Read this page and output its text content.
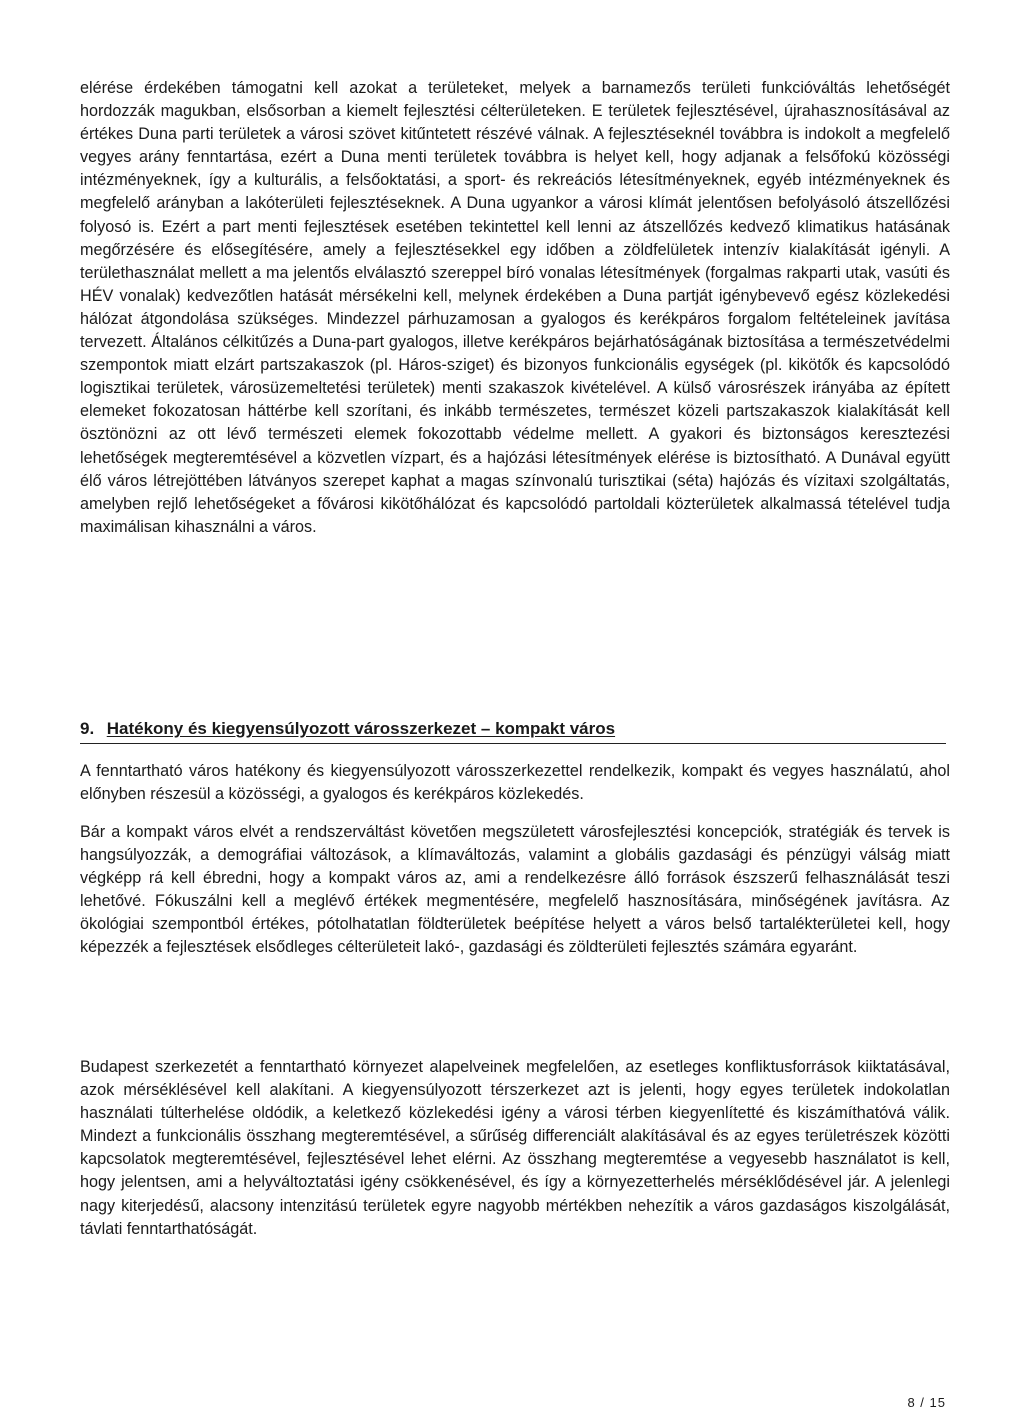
elérése érdekében támogatni kell azokat a területeket, melyek a barnamezős területi funkcióváltás lehetőségét hordozzák magukban, elsősorban a kiemelt fejlesztési célterületeken. E területek fejlesztésével, újrahasznosításával az értékes Duna parti területek a városi szövet kitűntetett részévé válnak. A fejlesztéseknél továbbra is indokolt a megfelelő vegyes arány fenntartása, ezért a Duna menti területek továbbra is helyet kell, hogy adjanak a felsőfokú közösségi intézményeknek, így a kulturális, a felsőoktatási, a sport- és rekreációs létesítményeknek, egyéb intézményeknek és megfelelő arányban a lakóterületi fejlesztéseknek. A Duna ugyankor a városi klímát jelentősen befolyásoló átszellőzési folyosó is. Ezért a part menti fejlesztések esetében tekintettel kell lenni az átszellőzés kedvező klimatikus hatásának megőrzésére és elősegítésére, amely a fejlesztésekkel egy időben a zöldfelületek intenzív kialakítását igényli. A területhasználat mellett a ma jelentős elválasztó szereppel bíró vonalas létesítmények (forgalmas rakparti utak, vasúti és HÉV vonalak) kedvezőtlen hatását mérsékelni kell, melynek érdekében a Duna partját igénybevevő egész közlekedési hálózat átgondolása szükséges. Mindezzel párhuzamosan a gyalogos és kerékpáros forgalom feltételeinek javítása tervezett. Általános célkitűzés a Duna-part gyalogos, illetve kerékpáros bejárhatóságának biztosítása a természetvédelmi szempontok miatt elzárt partszakaszok (pl. Háros-sziget) és bizonyos funkcionális egységek (pl. kikötők és kapcsolódó logisztikai területek, városüzemeltetési területek) menti szakaszok kivételével. A külső városrészek irányába az épített elemeket fokozatosan háttérbe kell szorítani, és inkább természetes, természet közeli partszakaszok kialakítását kell ösztönözni az ott lévő természeti elemek fokozottabb védelme mellett. A gyakori és biztonságos keresztezési lehetőségek megteremtésével a közvetlen vízpart, és a hajózási létesítmények elérése is biztosítható. A Dunával együtt élő város létrejöttében látványos szerepet kaphat a magas színvonalú turisztikai (séta) hajózás és vízitaxi szolgáltatás, amelyben rejlő lehetőségeket a fővárosi kikötőhálózat és kapcsolódó partoldali közterületek alkalmassá tételével tudja maximálisan kihasználni a város.

9. Hatékony és kiegyensúlyozott városszerkezet – kompakt város

A fenntartható város hatékony és kiegyensúlyozott városszerkezettel rendelkezik, kompakt és vegyes használatú, ahol előnyben részesül a közösségi, a gyalogos és kerékpáros közlekedés.

Bár a kompakt város elvét a rendszerváltást követően megszületett városfejlesztési koncepciók, stratégiák és tervek is hangsúlyozzák, a demográfiai változások, a klímaváltozás, valamint a globális gazdasági és pénzügyi válság miatt végképp rá kell ébredni, hogy a kompakt város az, ami a rendelkezésre álló források észszerű felhasználását teszi lehetővé. Fókuszálni kell a meglévő értékek megmentésére, megfelelő hasznosítására, minőségének javításra. Az ökológiai szempontból értékes, pótolhatatlan földterületek beépítése helyett a város belső tartalékterületei kell, hogy képezzék a fejlesztések elsődleges célterületeit lakó-, gazdasági és zöldterületi fejlesztés számára egyaránt.

Budapest szerkezetét a fenntartható környezet alapelveinek megfelelően, az esetleges konfliktusforrások kiiktatásával, azok mérséklésével kell alakítani. A kiegyensúlyozott térszerkezet azt is jelenti, hogy egyes területek indokolatlan használati túlterhelése oldódik, a keletkező közlekedési igény a városi térben kiegyenlítetté és kiszámíthatóvá válik. Mindezt a funkcionális összhang megteremtésével, a sűrűség differenciált alakításával és az egyes területrészek közötti kapcsolatok megteremtésével, fejlesztésével lehet elérni. Az összhang megteremtése a vegyesebb használatot is kell, hogy jelentsen, ami a helyváltoztatási igény csökkenésével, és így a környezetterhelés mérséklődésével jár. A jelenlegi nagy kiterjedésű, alacsony intenzitású területek egyre nagyobb mértékben nehezítik a város gazdaságos kiszolgálását, távlati fenntarthatóságát.

8 / 15
